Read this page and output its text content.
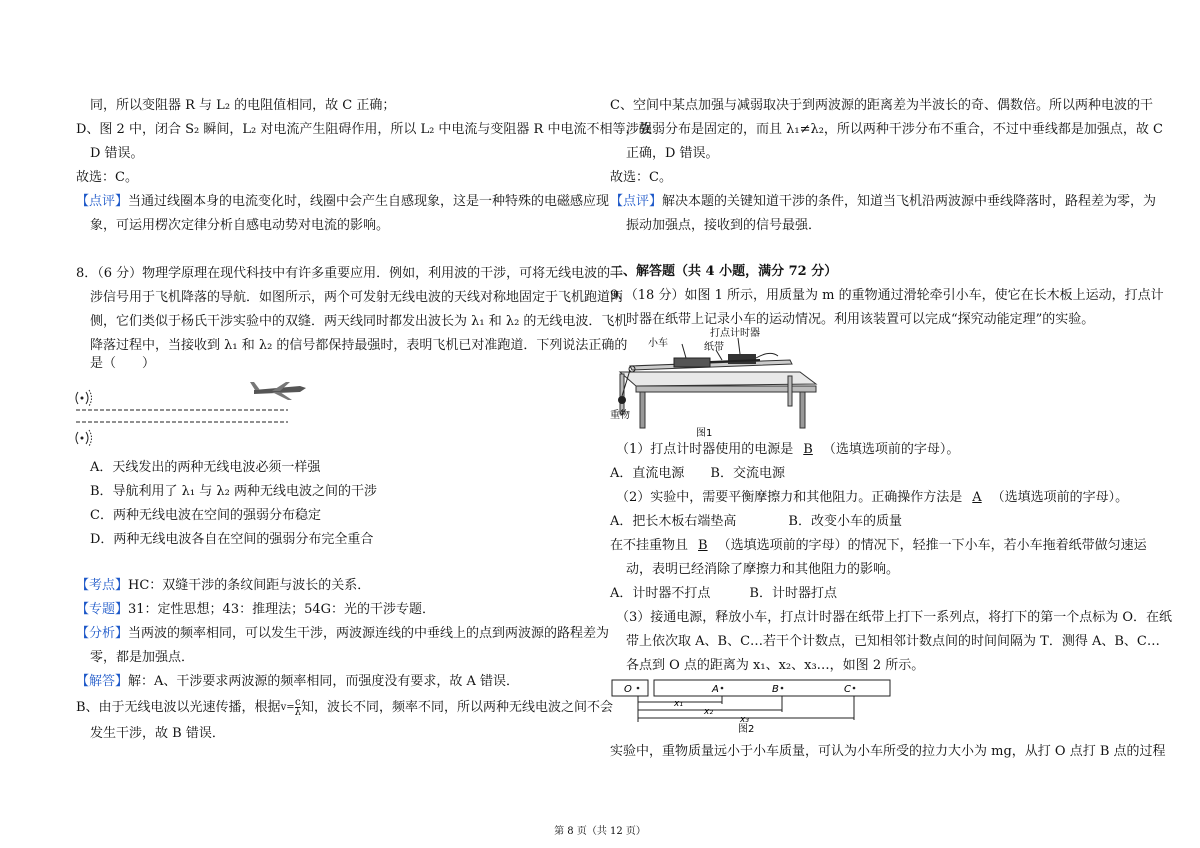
同，所以变阻器 R 与 L₂ 的电阻值相同，故 C 正确；
D、图 2 中，闭合 S₂ 瞬间，L₂ 对电流产生阻碍作用，所以 L₂ 中电流与变阻器 R 中电流不相等，故
D 错误。
故选：C。
【点评】当通过线圈本身的电流变化时，线圈中会产生自感现象，这是一种特殊的电磁感应现
象，可运用楞次定律分析自感电动势对电流的影响。
8．（6 分）物理学原理在现代科技中有许多重要应用．例如，利用波的干涉，可将无线电波的干
涉信号用于飞机降落的导航．如图所示，两个可发射无线电波的天线对称地固定于飞机跑道两
侧，它们类似于杨氏干涉实验中的双缝．两天线同时都发出波长为 λ₁ 和 λ₂ 的无线电波．飞机
降落过程中，当接收到 λ₁ 和 λ₂ 的信号都保持最强时，表明飞机已对准跑道．下列说法正确的
是（　　）
A．天线发出的两种无线电波必须一样强
B．导航利用了 λ₁ 与 λ₂ 两种无线电波之间的干涉
C．两种无线电波在空间的强弱分布稳定
D．两种无线电波各自在空间的强弱分布完全重合
【考点】HC：双缝干涉的条纹间距与波长的关系．
【专题】31：定性思想；43：推理法；54G：光的干涉专题．
【分析】当两波的频率相同，可以发生干涉，两波源连线的中垂线上的点到两波源的路程差为
零，都是加强点．
【解答】解：A、干涉要求两波源的频率相同，而强度没有要求，故 A 错误．
B、由于无线电波以光速传播，根据$v= \frac{c}{\lambda}$ 知，波长不同，频率不同，所以两种无线电波之间不会
发生干涉，故 B 错误．
C、空间中某点加强与减弱取决于到两波源的距离差为半波长的奇、偶数倍。所以两种电波的干
涉强弱分布是固定的，而且 λ₁≠λ₂，所以两种干涉分布不重合，不过中垂线都是加强点，故 C
正确，D 错误。
故选：C。
【点评】解决本题的关键知道干涉的条件，知道当飞机沿两波源中垂线降落时，路程差为零，为
振动加强点，接收到的信号最强．
二、解答题（共 4 小题，满分 72 分）
9．（18 分）如图 1 所示，用质量为 m 的重物通过滑轮牵引小车，使它在长木板上运动，打点计
时器在纸带上记录小车的运动情况。利用该装置可以完成“探究动能定理”的实验。
小车	纸带
打点计时器
重物
图1
（1）打点计时器使用的电源是 B （选填选项前的字母）。
A．直流电源　　B．交流电源
（2）实验中，需要平衡摩擦力和其他阻力。正确操作方法是 A （选填选项前的字母）。
A．把长木板右端垫高　　　　B．改变小车的质量
在不挂重物且 B （选填选项前的字母）的情况下，轻推一下小车，若小车拖着纸带做匀速运
动，表明已经消除了摩擦力和其他阻力的影响。
A．计时器不打点　　　B．计时器打点
（3）接通电源，释放小车，打点计时器在纸带上打下一系列点，将打下的第一个点标为 O．在纸
带上依次取 A、B、C…若干个计数点，已知相邻计数点间的时间间隔为 T．测得 A、B、C…
各点到 O 点的距离为 x₁、x₂、x₃…，如图 2 所示。
O	A	B	C
x₁
x₂
x₃
图2
实验中，重物质量远小于小车质量，可认为小车所受的拉力大小为 mg，从打 O 点打 B 点的过程
第 8 页（共 12 页）
